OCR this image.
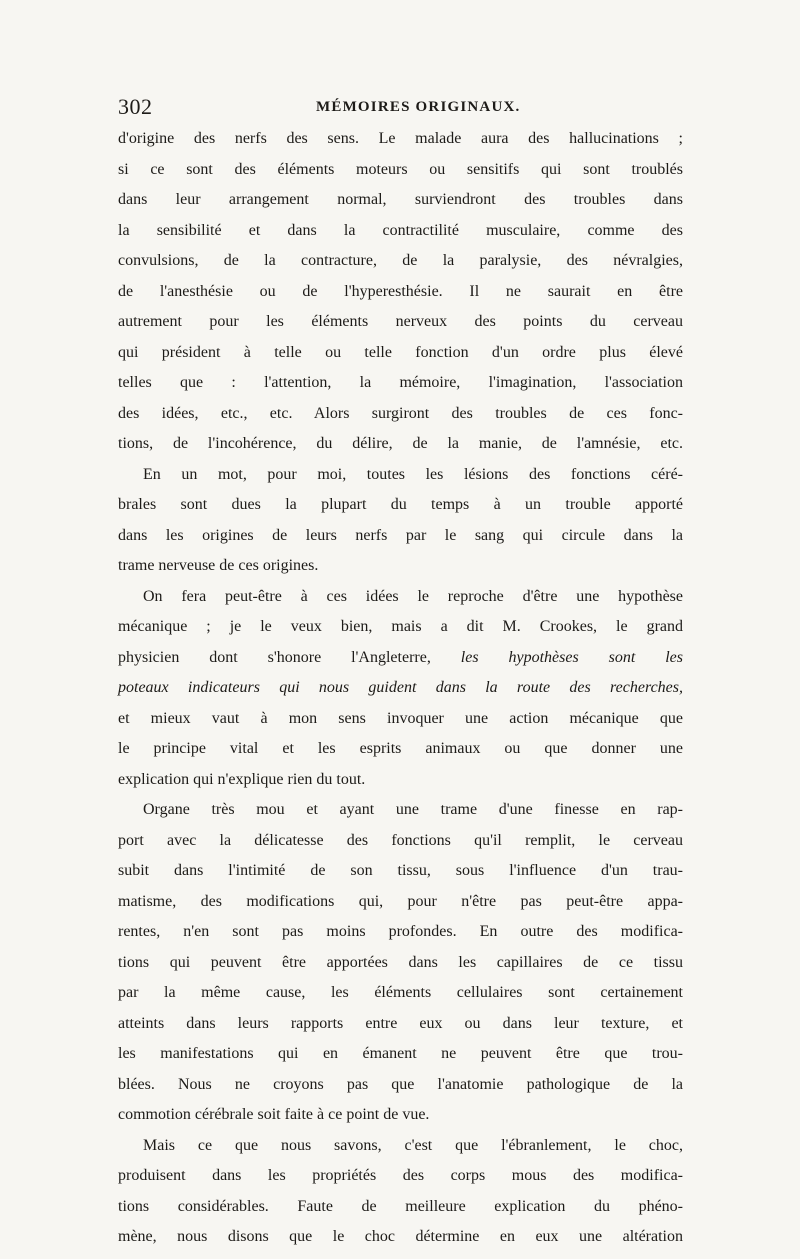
302	MÉMOIRES ORIGINAUX.
d'origine des nerfs des sens. Le malade aura des hallucinations ;
si ce sont des éléments moteurs ou sensitifs qui sont troublés
dans leur arrangement normal, surviendront des troubles dans
la sensibilité et dans la contractilité musculaire, comme des
convulsions, de la contracture, de la paralysie, des névralgies,
de l'anesthésie ou de l'hyperesthésie. Il ne saurait en être
autrement pour les éléments nerveux des points du cerveau
qui président à telle ou telle fonction d'un ordre plus élevé
telles que : l'attention, la mémoire, l'imagination, l'association
des idées, etc., etc. Alors surgiront des troubles de ces fonc-
tions, de l'incohérence, du délire, de la manie, de l'amnésie, etc.
En un mot, pour moi, toutes les lésions des fonctions céré-
brales sont dues la plupart du temps à un trouble apporté
dans les origines de leurs nerfs par le sang qui circule dans la
trame nerveuse de ces origines.
On fera peut-être à ces idées le reproche d'être une hypothèse
mécanique ; je le veux bien, mais a dit M. Crookes, le grand
physicien dont s'honore l'Angleterre, les hypothèses sont les
poteaux indicateurs qui nous guident dans la route des recherches,
et mieux vaut à mon sens invoquer une action mécanique que
le principe vital et les esprits animaux ou que donner une
explication qui n'explique rien du tout.
Organe très mou et ayant une trame d'une finesse en rap-
port avec la délicatesse des fonctions qu'il remplit, le cerveau
subit dans l'intimité de son tissu, sous l'influence d'un trau-
matisme, des modifications qui, pour n'être pas peut-être appa-
rentes, n'en sont pas moins profondes. En outre des modifica-
tions qui peuvent être apportées dans les capillaires de ce tissu
par la même cause, les éléments cellulaires sont certainement
atteints dans leurs rapports entre eux ou dans leur texture, et
les manifestations qui en émanent ne peuvent être que trou-
blées. Nous ne croyons pas que l'anatomie pathologique de la
commotion cérébrale soit faite à ce point de vue.
Mais ce que nous savons, c'est que l'ébranlement, le choc,
produisent dans les propriétés des corps mous des modifica-
tions considérables. Faute de meilleure explication du phéno-
mène, nous disons que le choc détermine en eux une altération
